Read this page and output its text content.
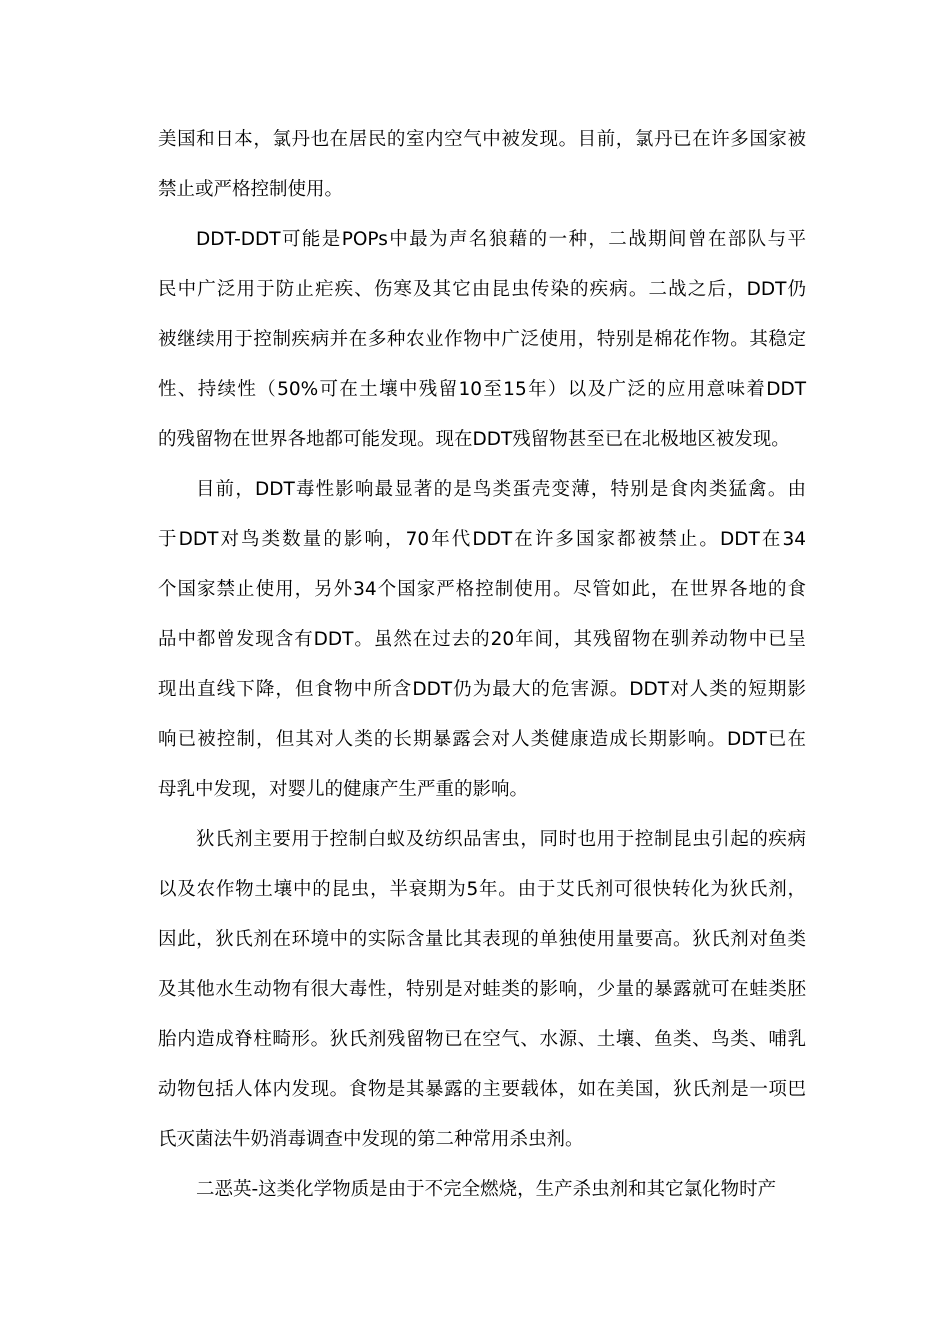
美国和日本，氯丹也在居民的室内空气中被发现。目前，氯丹已在许多国家被
禁止或严格控制使用。
DDT-DDT可能是POPs中最为声名狼藉的一种，二战期间曾在部队与平
民中广泛用于防止疟疾、伤寒及其它由昆虫传染的疾病。二战之后，DDT仍
被继续用于控制疾病并在多种农业作物中广泛使用，特别是棉花作物。其稳定
性、持续性（50%可在土壤中残留10至15年）以及广泛的应用意味着DDT
的残留物在世界各地都可能发现。现在DDT残留物甚至已在北极地区被发现。
目前，DDT毒性影响最显著的是鸟类蛋壳变薄，特别是食肉类猛禽。由
于DDT对鸟类数量的影响，70年代DDT在许多国家都被禁止。DDT在34
个国家禁止使用，另外34个国家严格控制使用。尽管如此，在世界各地的食
品中都曾发现含有DDT。虽然在过去的20年间，其残留物在驯养动物中已呈
现出直线下降，但食物中所含DDT仍为最大的危害源。DDT对人类的短期影
响已被控制，但其对人类的长期暴露会对人类健康造成长期影响。DDT已在
母乳中发现，对婴儿的健康产生严重的影响。
狄氏剂主要用于控制白蚁及纺织品害虫，同时也用于控制昆虫引起的疾病
以及农作物土壤中的昆虫，半衰期为5年。由于艾氏剂可很快转化为狄氏剂，
因此，狄氏剂在环境中的实际含量比其表现的单独使用量要高。狄氏剂对鱼类
及其他水生动物有很大毒性，特别是对蛙类的影响，少量的暴露就可在蛙类胚
胎内造成脊柱畸形。狄氏剂残留物已在空气、水源、土壤、鱼类、鸟类、哺乳
动物包括人体内发现。食物是其暴露的主要载体，如在美国，狄氏剂是一项巴
氏灭菌法牛奶消毒调查中发现的第二种常用杀虫剂。
二恶英-这类化学物质是由于不完全燃烧，生产杀虫剂和其它氯化物时产
